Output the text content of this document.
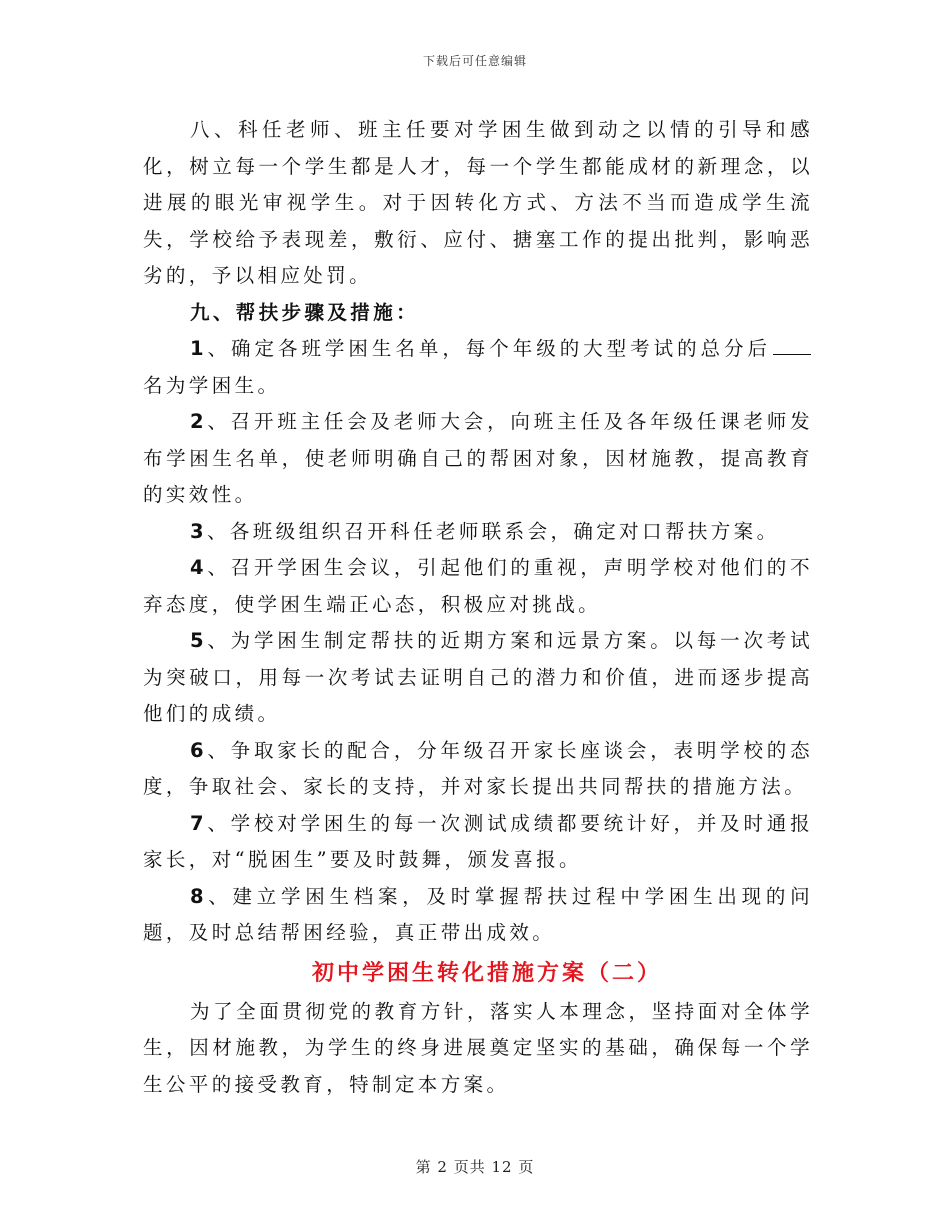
下载后可任意编辑

八、科任老师、班主任要对学困生做到动之以情的引导和感化，树立每一个学生都是人才，每一个学生都能成材的新理念，以进展的眼光审视学生。对于因转化方式、方法不当而造成学生流失，学校给予表现差，敷衍、应付、搪塞工作的提出批判，影响恶劣的，予以相应处罚。

九、帮扶步骤及措施：

1、确定各班学困生名单，每个年级的大型考试的总分后名为学困生。

2、召开班主任会及老师大会，向班主任及各年级任课老师发布学困生名单，使老师明确自己的帮困对象，因材施教，提高教育的实效性。

3、各班级组织召开科任老师联系会，确定对口帮扶方案。

4、召开学困生会议，引起他们的重视，声明学校对他们的不弃态度，使学困生端正心态，积极应对挑战。

5、为学困生制定帮扶的近期方案和远景方案。以每一次考试为突破口，用每一次考试去证明自己的潜力和价值，进而逐步提高他们的成绩。

6、争取家长的配合，分年级召开家长座谈会，表明学校的态度，争取社会、家长的支持，并对家长提出共同帮扶的措施方法。

7、学校对学困生的每一次测试成绩都要统计好，并及时通报家长，对“脱困生”要及时鼓舞，颁发喜报。

8、建立学困生档案，及时掌握帮扶过程中学困生出现的问题，及时总结帮困经验，真正带出成效。

初中学困生转化措施方案（二）

为了全面贯彻党的教育方针，落实人本理念，坚持面对全体学生，因材施教，为学生的终身进展奠定坚实的基础，确保每一个学生公平的接受教育，特制定本方案。

第 2 页共 12 页
